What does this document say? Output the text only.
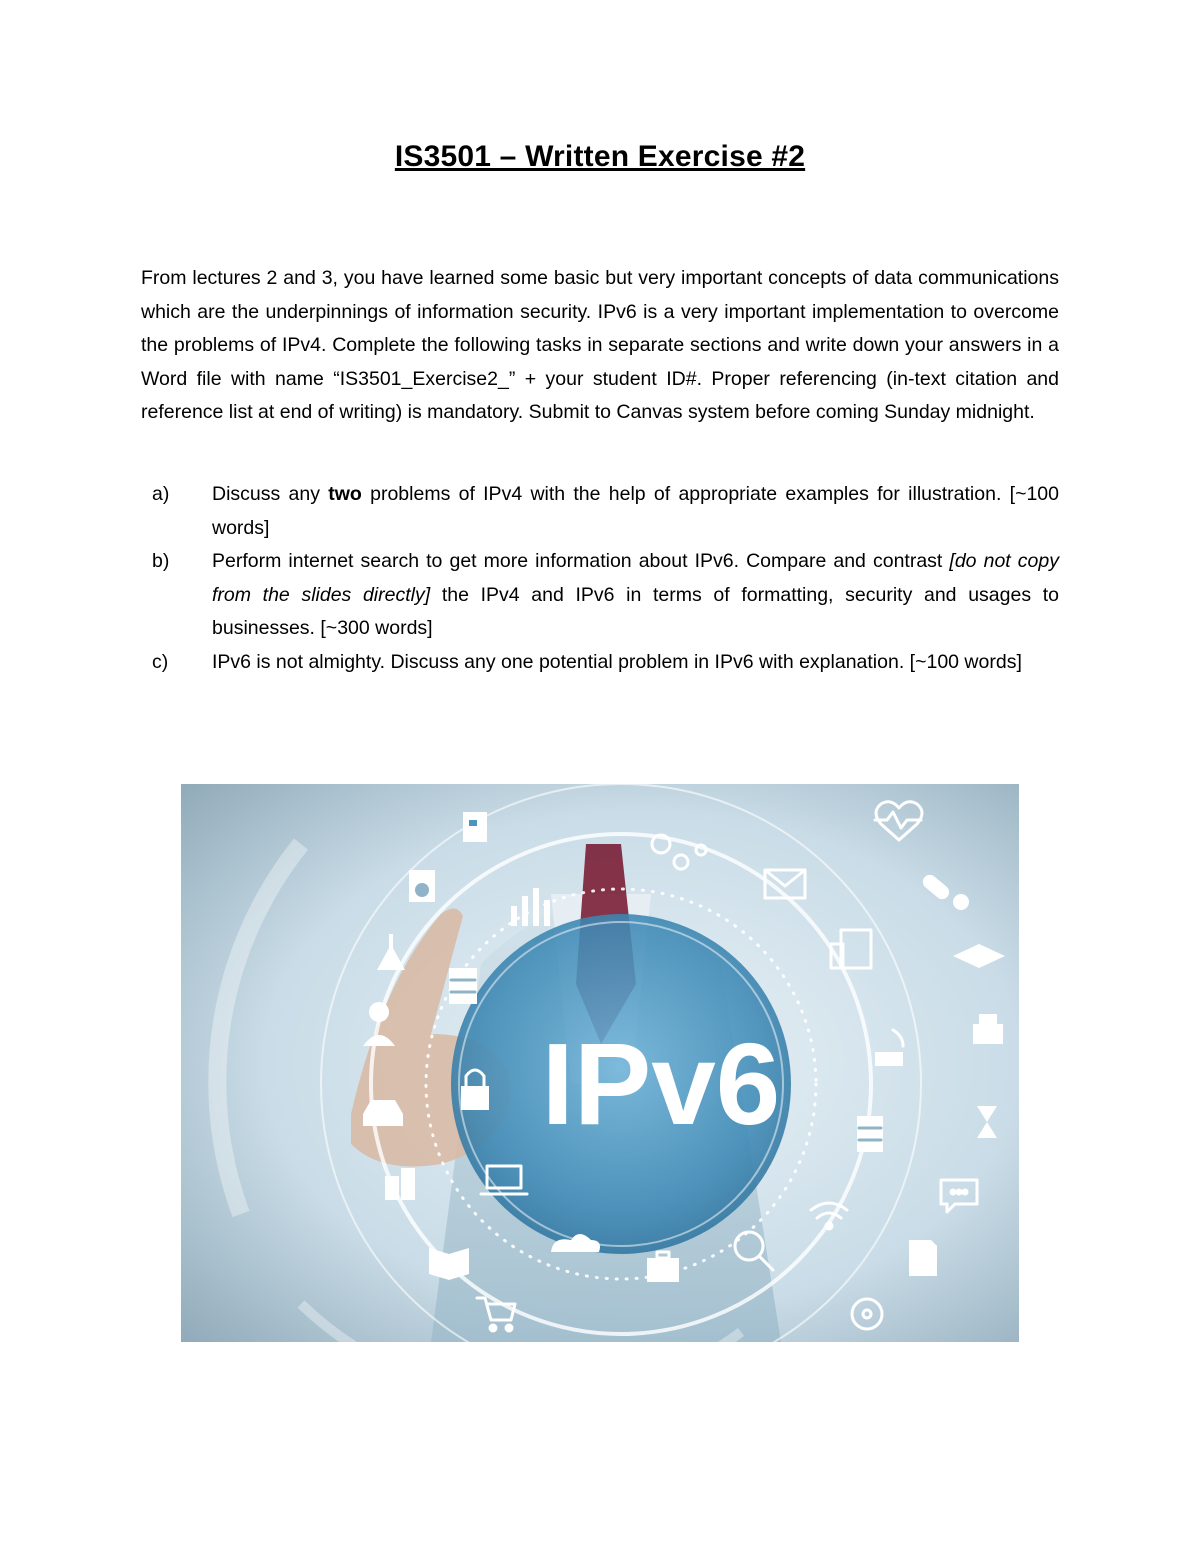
IS3501 – Written Exercise #2

From lectures 2 and 3, you have learned some basic but very important concepts of data communications which are the underpinnings of information security. IPv6 is a very important implementation to overcome the problems of IPv4. Complete the following tasks in separate sections and write down your answers in a Word file with name “IS3501_Exercise2_” + your student ID#. Proper referencing (in-text citation and reference list at end of writing) is mandatory. Submit to Canvas system before coming Sunday midnight.

a) Discuss any two problems of IPv4 with the help of appropriate examples for illustration. [~100 words]
b) Perform internet search to get more information about IPv6. Compare and contrast [do not copy from the slides directly] the IPv4 and IPv6 in terms of formatting, security and usages to businesses. [~300 words]
c) IPv6 is not almighty. Discuss any one potential problem in IPv6 with explanation. [~100 words]
IPv6
